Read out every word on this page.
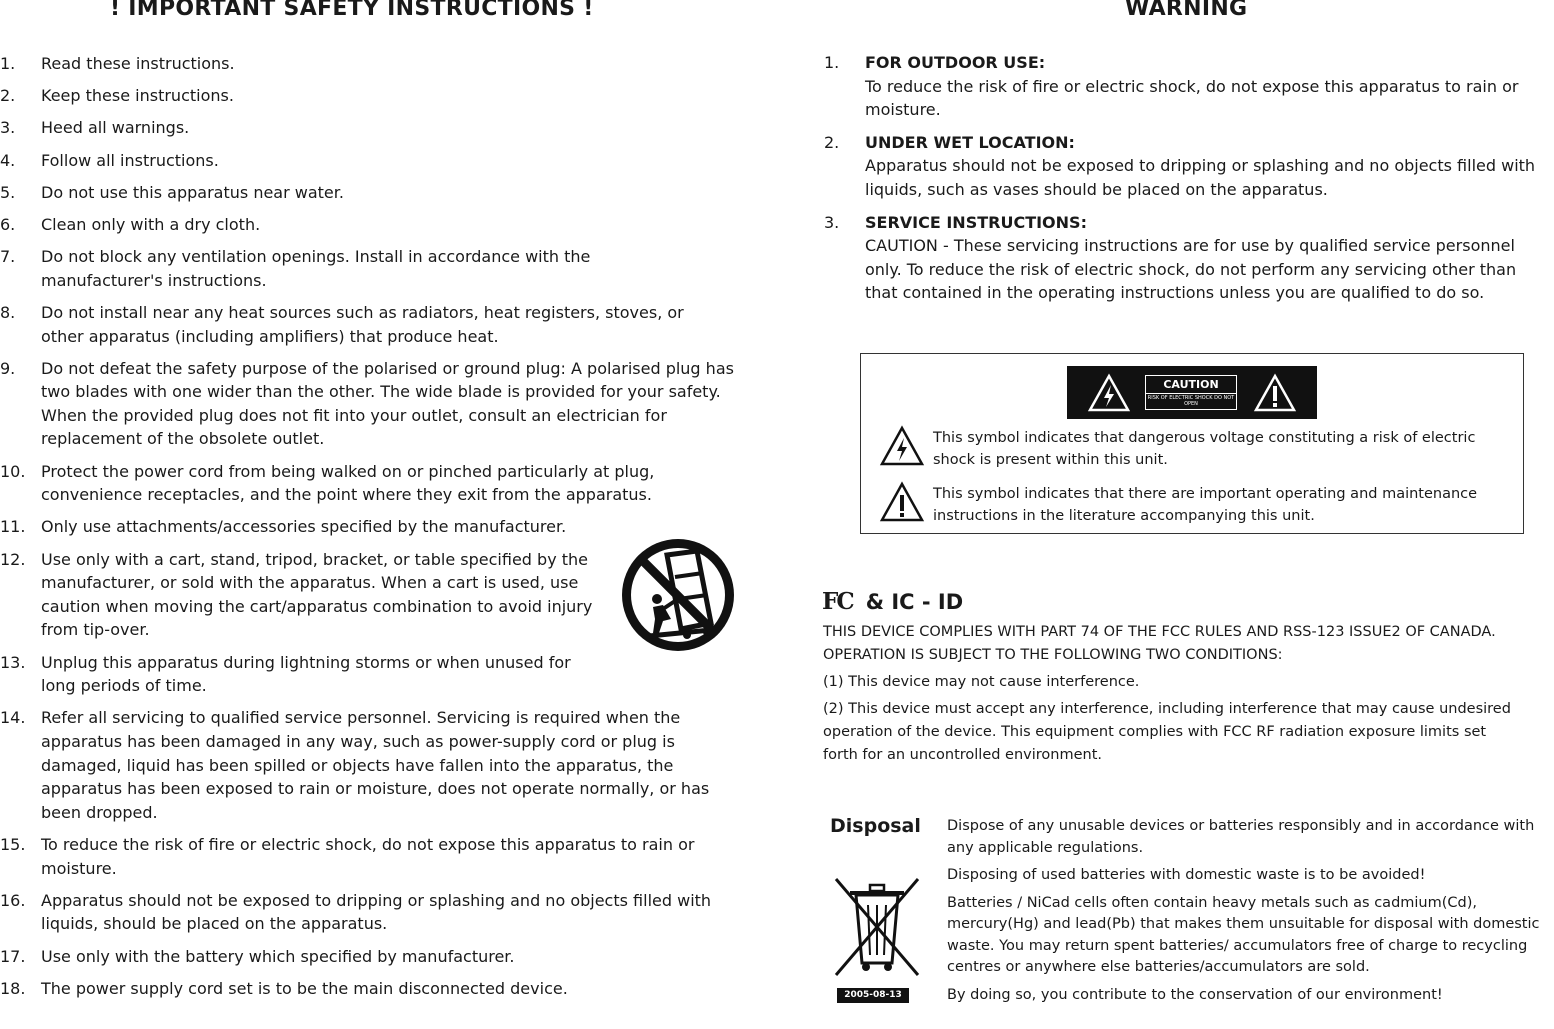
! IMPORTANT SAFETY INSTRUCTIONS !
1. Read these instructions.
2. Keep these instructions.
3. Heed all warnings.
4. Follow all instructions.
5. Do not use this apparatus near water.
6. Clean only with a dry cloth.
7. Do not block any ventilation openings. Install in accordance with the manufacturer's instructions.
8. Do not install near any heat sources such as radiators, heat registers, stoves, or other apparatus (including amplifiers) that produce heat.
9. Do not defeat the safety purpose of the polarised or ground plug: A polarised plug has two blades with one wider than the other. The wide blade is provided for your safety. When the provided plug does not fit into your outlet, consult an electrician for replacement of the obsolete outlet.
10. Protect the power cord from being walked on or pinched particularly at plug, convenience receptacles, and the point where they exit from the apparatus.
11. Only use attachments/accessories specified by the manufacturer.
12. Use only with a cart, stand, tripod, bracket, or table specified by the manufacturer, or sold with the apparatus. When a cart is used, use caution when moving the cart/apparatus combination to avoid injury from tip-over.
13. Unplug this apparatus during lightning storms or when unused for long periods of time.
14. Refer all servicing to qualified service personnel. Servicing is required when the apparatus has been damaged in any way, such as power-supply cord or plug is damaged, liquid has been spilled or objects have fallen into the apparatus, the apparatus has been exposed to rain or moisture, does not operate normally, or has been dropped.
15. To reduce the risk of fire or electric shock, do not expose this apparatus to rain or moisture.
16. Apparatus should not be exposed to dripping or splashing and no objects filled with liquids, should be placed on the apparatus.
17. Use only with the battery which specified by manufacturer.
18. The power supply cord set is to be the main disconnected device.
WARNING
1. FOR OUTDOOR USE:
To reduce the risk of fire or electric shock, do not expose this apparatus to rain or moisture.
2. UNDER WET LOCATION:
Apparatus should not be exposed to dripping or splashing and no objects filled with liquids, such as vases should be placed on the apparatus.
3. SERVICE INSTRUCTIONS:
CAUTION - These servicing instructions are for use by qualified service personnel only. To reduce the risk of electric shock, do not perform any servicing other than that contained in the operating instructions unless you are qualified to do so.
CAUTION
RISK OF ELECTRIC SHOCK DO NOT OPEN
This symbol indicates that dangerous voltage constituting a risk of electric shock is present within this unit.
This symbol indicates that there are important operating and maintenance instructions in the literature accompanying this unit.
FC & IC - ID

THIS DEVICE COMPLIES WITH PART 74 OF THE FCC RULES AND RSS-123 ISSUE2 OF CANADA. OPERATION IS SUBJECT TO THE FOLLOWING TWO CONDITIONS:

(1) This device may not cause interference.

(2) This device must accept any interference, including interference that may cause undesired operation of the device. This equipment complies with FCC RF radiation exposure limits set forth for an uncontrolled environment.

Disposal
2005-08-13

Dispose of any unusable devices or batteries responsibly and in accordance with any applicable regulations.

Disposing of used batteries with domestic waste is to be avoided!

Batteries / NiCad cells often contain heavy metals such as cadmium(Cd), mercury(Hg) and lead(Pb) that makes them unsuitable for disposal with domestic waste. You may return spent batteries/ accumulators free of charge to recycling centres or anywhere else batteries/accumulators are sold.

By doing so, you contribute to the conservation of our environment!
